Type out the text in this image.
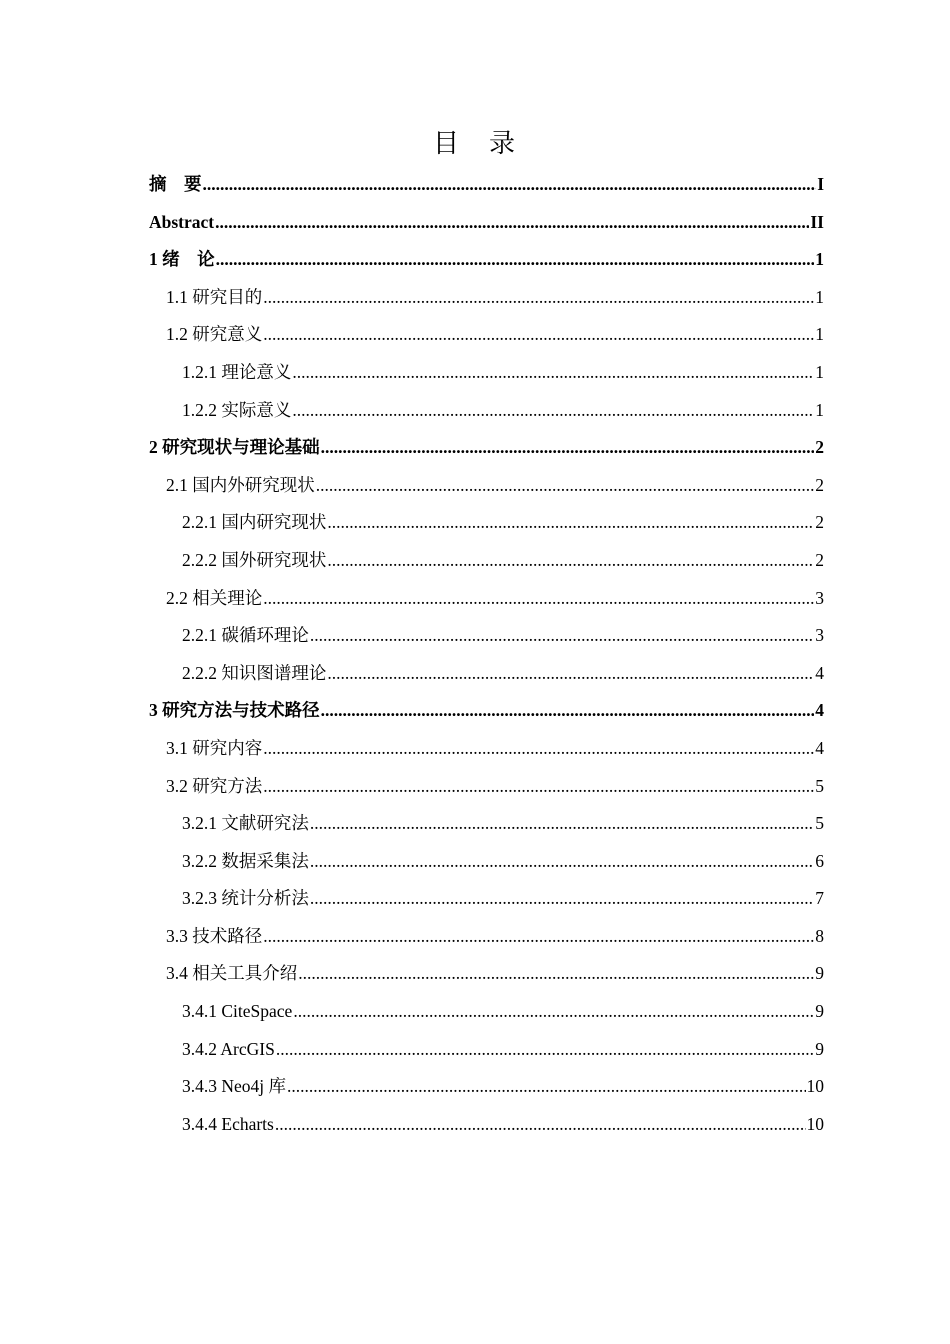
目　录
摘　要 .....	I
Abstract .....	II
1 绪　论 .....	1
1.1 研究目的 .....	1
1.2 研究意义 .....	1
1.2.1 理论意义 .....	1
1.2.2 实际意义 .....	1
2 研究现状与理论基础 .....	2
2.1 国内外研究现状 .....	2
2.2.1 国内研究现状 .....	2
2.2.2 国外研究现状 .....	2
2.2 相关理论 .....	3
2.2.1 碳循环理论 .....	3
2.2.2 知识图谱理论 .....	4
3 研究方法与技术路径 .....	4
3.1 研究内容 .....	4
3.2 研究方法 .....	5
3.2.1 文献研究法 .....	5
3.2.2 数据采集法 .....	6
3.2.3 统计分析法 .....	7
3.3 技术路径 .....	8
3.4 相关工具介绍 .....	9
3.4.1 CiteSpace .....	9
3.4.2 ArcGIS .....	9
3.4.3 Neo4j 库 .....	10
3.4.4 Echarts .....	10
